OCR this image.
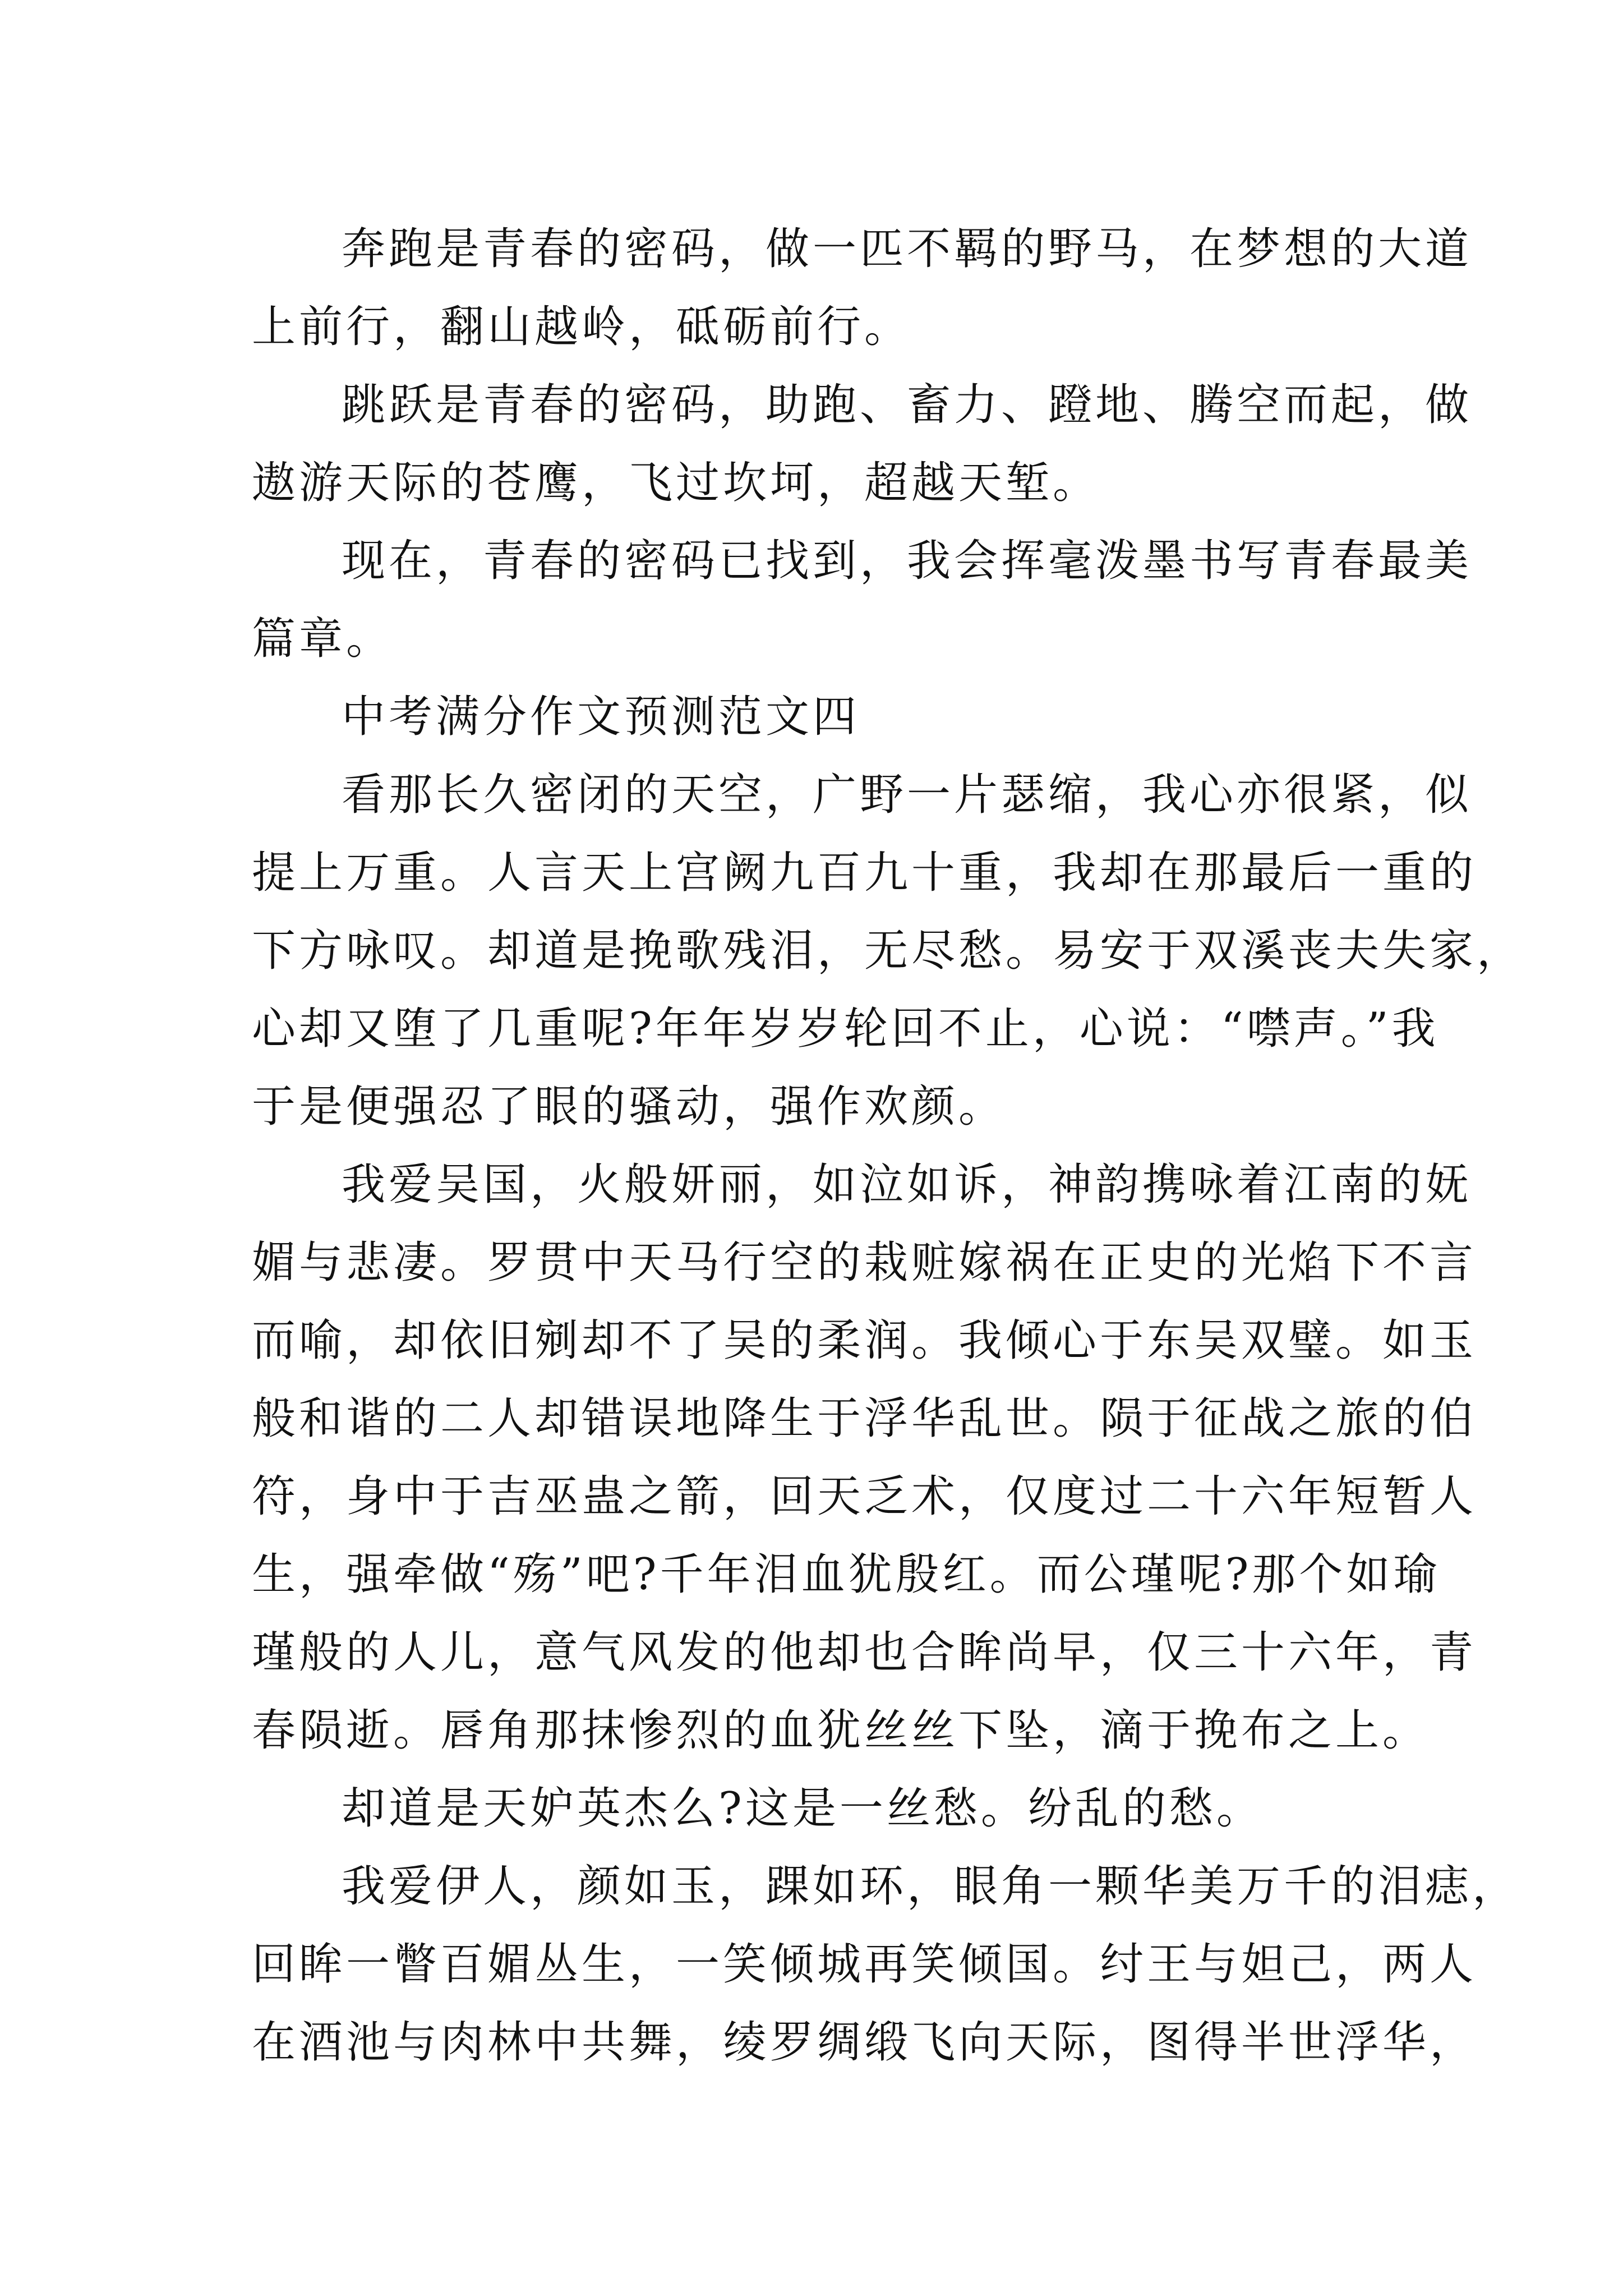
奔跑是青春的密码，做一匹不羁的野马，在梦想的大道
上前行，翻山越岭，砥砺前行。
跳跃是青春的密码，助跑、畜力、蹬地、腾空而起，做
遨游天际的苍鹰，飞过坎坷，超越天堑。
现在，青春的密码已找到，我会挥毫泼墨书写青春最美
篇章。
中考满分作文预测范文四
看那长久密闭的天空，广野一片瑟缩，我心亦很紧，似
提上万重。人言天上宫阙九百九十重，我却在那最后一重的
下方咏叹。却道是挽歌残泪，无尽愁。易安于双溪丧夫失家，
心却又堕了几重呢?年年岁岁轮回不止，心说：“噤声。”我
于是便强忍了眼的骚动，强作欢颜。
我爱吴国，火般妍丽，如泣如诉，神韵携咏着江南的妩
媚与悲凄。罗贯中天马行空的栽赃嫁祸在正史的光焰下不言
而喻，却依旧剜却不了吴的柔润。我倾心于东吴双璧。如玉
般和谐的二人却错误地降生于浮华乱世。陨于征战之旅的伯
符，身中于吉巫蛊之箭，回天乏术，仅度过二十六年短暂人
生，强牵做“殇”吧?千年泪血犹殷红。而公瑾呢?那个如瑜
瑾般的人儿，意气风发的他却也合眸尚早，仅三十六年，青
春陨逝。唇角那抹惨烈的血犹丝丝下坠，滴于挽布之上。
却道是天妒英杰么?这是一丝愁。纷乱的愁。
我爱伊人，颜如玉，踝如环，眼角一颗华美万千的泪痣，
回眸一瞥百媚丛生，一笑倾城再笑倾国。纣王与妲己，两人
在酒池与肉林中共舞，绫罗绸缎飞向天际，图得半世浮华，
